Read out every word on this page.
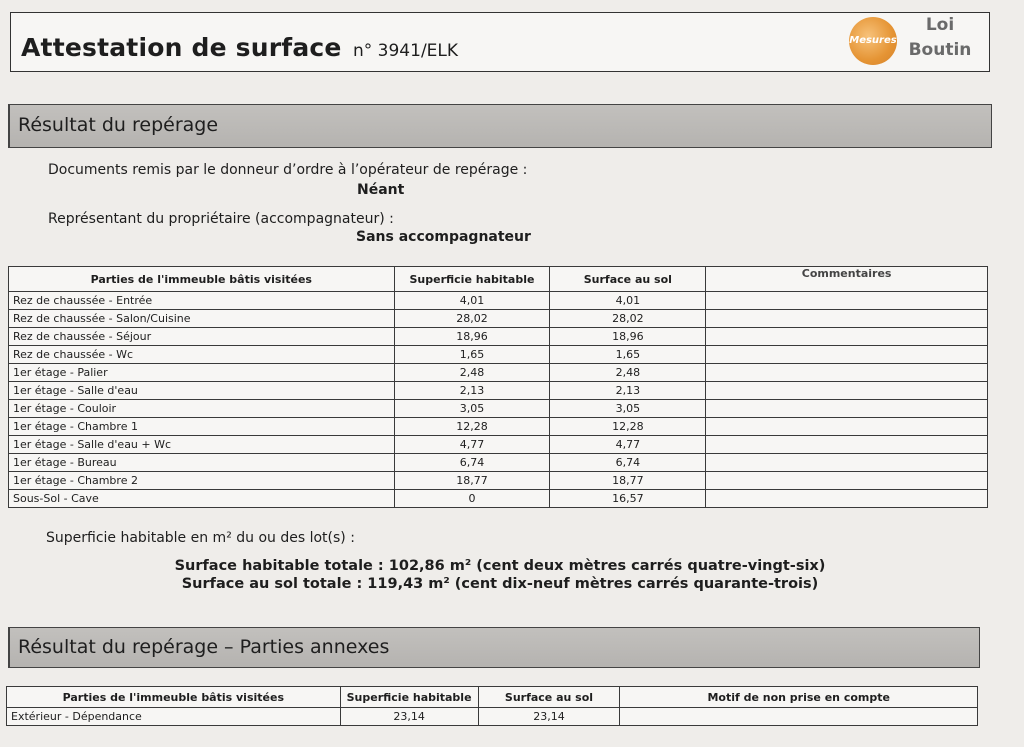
Attestation de surface n° 3941/ELK
Mesures
Loi
Boutin
Résultat du repérage
Documents remis par le donneur d’ordre à l’opérateur de repérage :
Néant
Représentant du propriétaire (accompagnateur) :
Sans accompagnateur
Parties de l'immeuble bâtis visitées	Superficie habitable	Surface au sol	Commentaires
Rez de chaussée - Entrée	4,01	4,01	
Rez de chaussée - Salon/Cuisine	28,02	28,02	
Rez de chaussée - Séjour	18,96	18,96	
Rez de chaussée - Wc	1,65	1,65	
1er étage - Palier	2,48	2,48	
1er étage - Salle d'eau	2,13	2,13	
1er étage - Couloir	3,05	3,05	
1er étage - Chambre 1	12,28	12,28	
1er étage - Salle d'eau + Wc	4,77	4,77	
1er étage - Bureau	6,74	6,74	
1er étage - Chambre 2	18,77	18,77	
Sous-Sol - Cave	0	16,57	
Superficie habitable en m² du ou des lot(s) :
Surface habitable totale : 102,86 m² (cent deux mètres carrés quatre-vingt-six)
Surface au sol totale : 119,43 m² (cent dix-neuf mètres carrés quarante-trois)
Résultat du repérage – Parties annexes
Parties de l'immeuble bâtis visitées	Superficie habitable	Surface au sol	Motif de non prise en compte
Extérieur - Dépendance	23,14	23,14	
